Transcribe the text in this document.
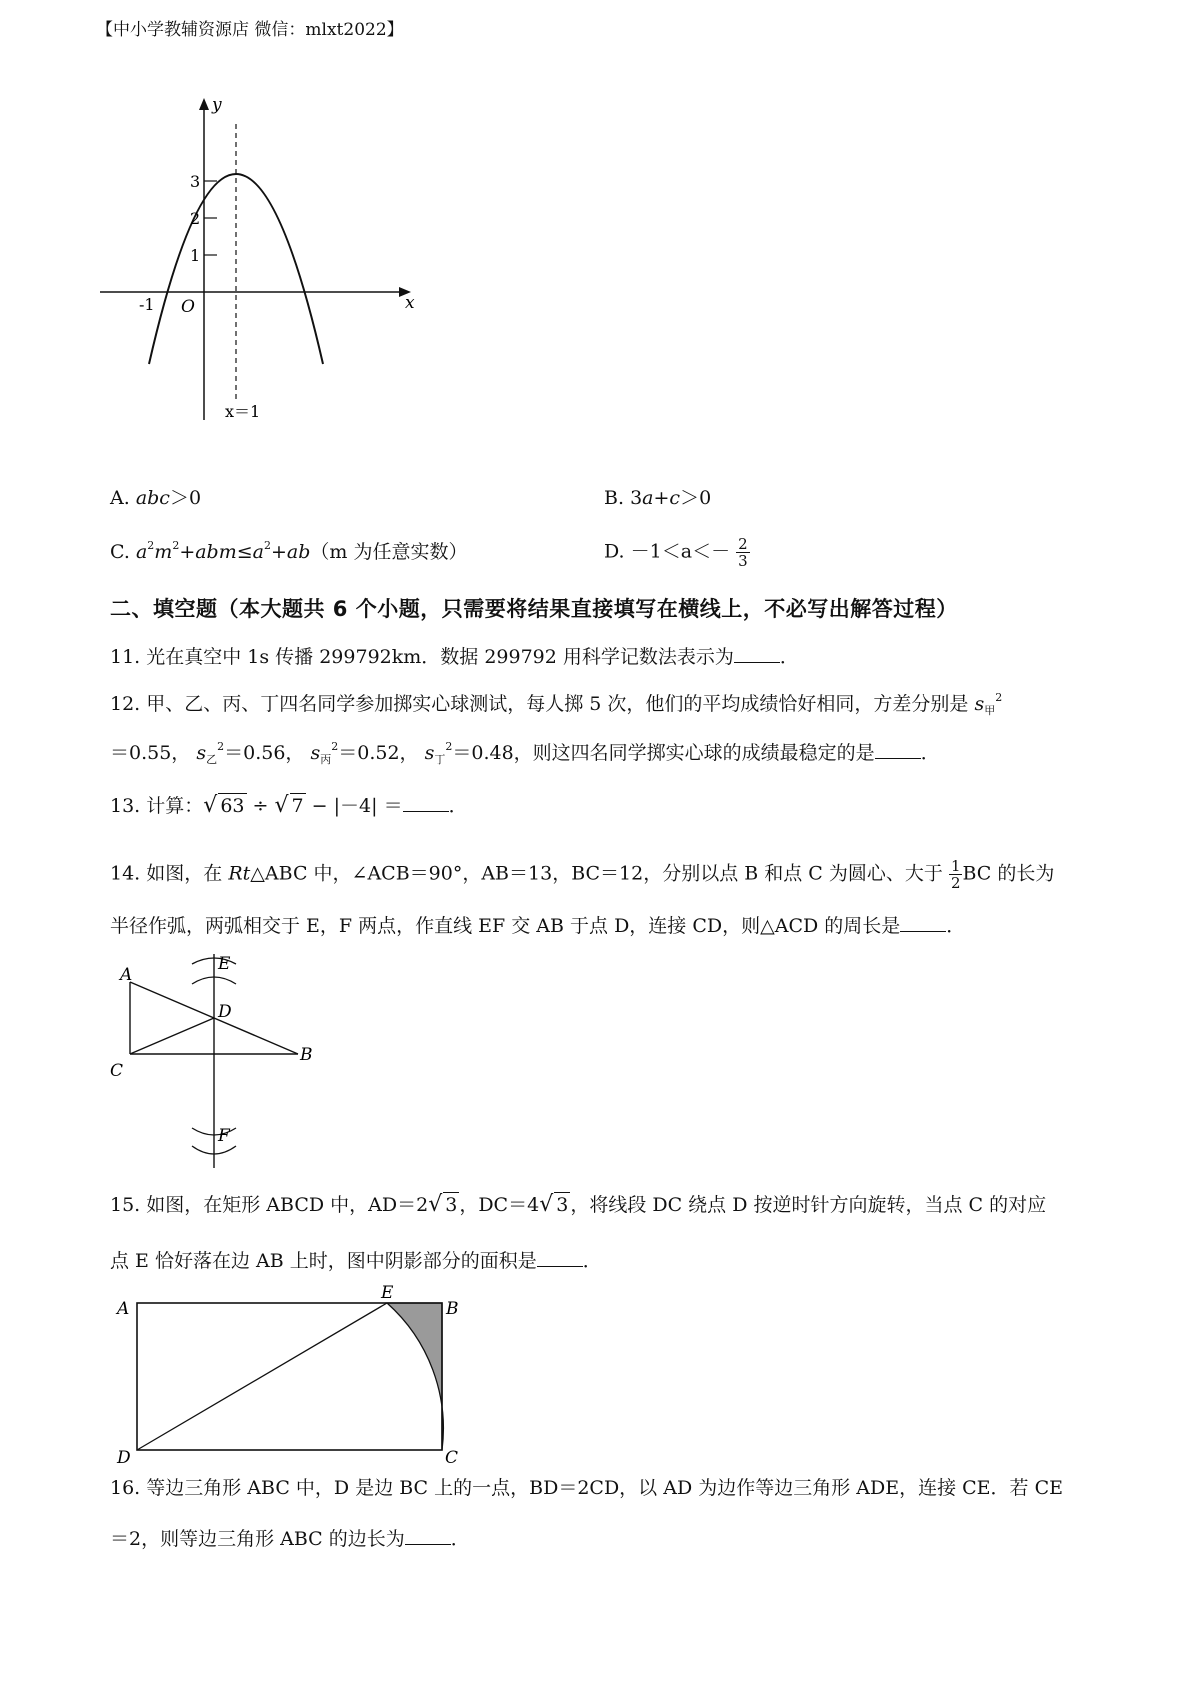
【中小学教辅资源店 微信：mlxt2022】
y
x
O
-1
1
2
3
x＝1
A. abc＞0	B. 3a+c＞0
C. $a^2m^2+abm\le a^2+ab(m$ 为任意实数）	D. $-1<a<- \frac{2}{3}$
二、填空题（本大题共 6 个小题，只需要将结果直接填写在横线上，不必写出解答过程）
11. 光在真空中 1s 传播 299792km．数据 299792 用科学记数法表示为 ．
12. 甲、乙、丙、丁四名同学参加掷实心球测试，每人掷 5 次，他们的平均成绩恰好相同，方差分别是 $s_甲^2$
＝0.55， $s_乙^2=0.56$， $s_丙^2=0.52$， $s_丁^2=0.48$，则这四名同学掷实心球的成绩最稳定的是 ．
13. 计算：√ 63 ÷ √ 7 − |－4| ＝ ．
14. 如图，在 Rt△ABC 中，∠ACB＝90°，AB＝13，BC＝12，分别以点 B 和点 C 为圆心、大于 $\frac{1}{2}$ BC 的长为
半径作弧，两弧相交于 E，F 两点，作直线 EF 交 AB 于点 D，连接 CD，则△ACD 的周长是 ．
A
B
C
D
E
F
15. 如图，在矩形 ABCD 中，AD＝2√ 3 ，DC＝4√ 3 ，将线段 DC 绕点 D 按逆时针方向旋转，当点 C 的对应
点 E 恰好落在边 AB 上时，图中阴影部分的面积是 ．
A	B
C
D
E
16. 等边三角形 ABC 中，D 是边 BC 上的一点，BD＝2CD，以 AD 为边作等边三角形 ADE，连接 CE．若 CE
＝2，则等边三角形 ABC 的边长为 ．
